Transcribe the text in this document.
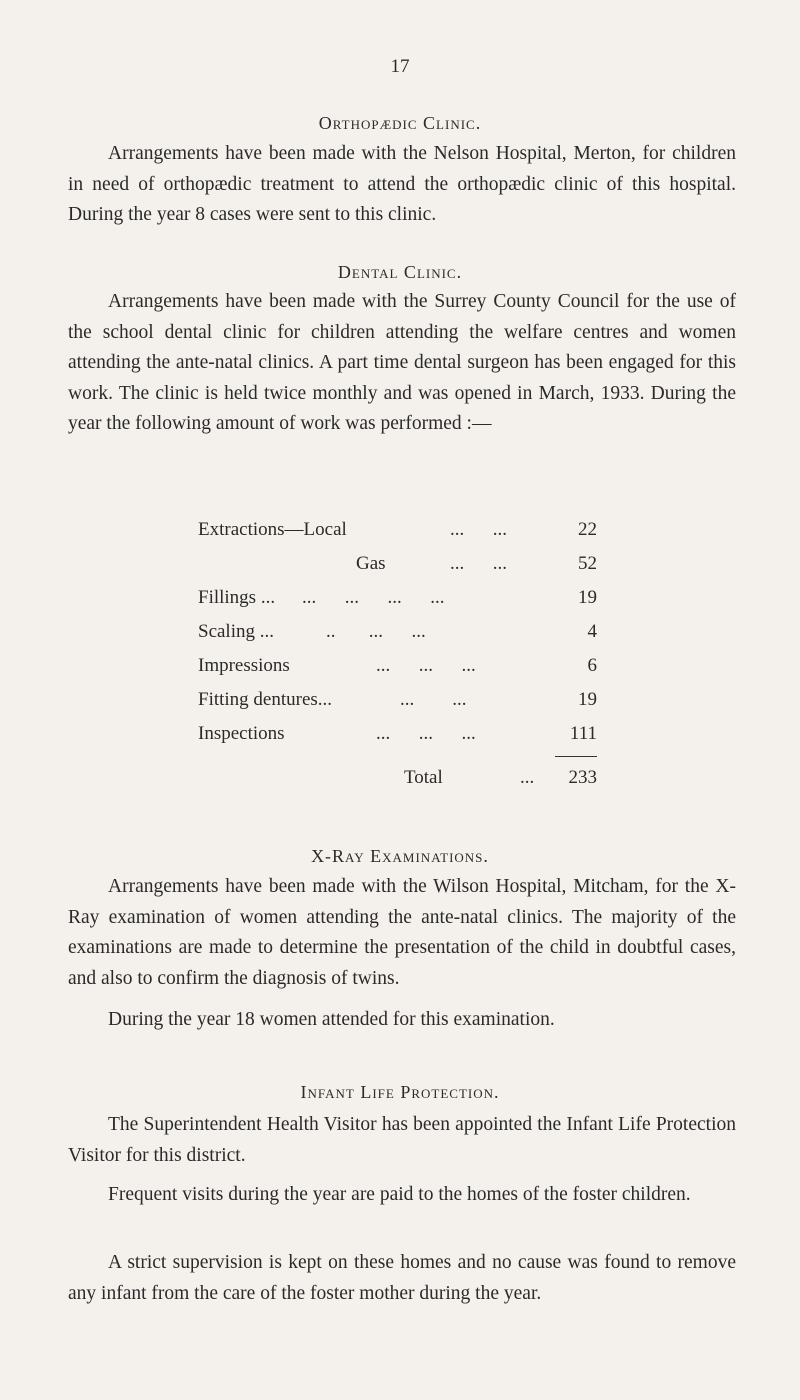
17
Orthopædic Clinic.

Arrangements have been made with the Nelson Hospital, Merton, for children in need of orthopædic treatment to attend the orthopædic clinic of this hospital. During the year 8 cases were sent to this clinic.

Dental Clinic.

Arrangements have been made with the Surrey County Council for the use of the school dental clinic for children attending the welfare centres and women attending the ante-natal clinics. A part time dental surgeon has been engaged for this work. The clinic is held twice monthly and was opened in March, 1933. During the year the following amount of work was performed :—

Extractions—Local	...      ...	22
Gas	...      ...	52
Fillings ... ...      ...      ...      ...	19
Scaling ...	..       ...      ...	4
Impressions	...      ...      ...	6
Fitting dentures...	...        ...	19
Inspections	...      ...      ...	111
Total	... 233
X-Ray Examinations.

Arrangements have been made with the Wilson Hospital, Mitcham, for the X-Ray examination of women attending the ante-natal clinics. The majority of the examinations are made to determine the presentation of the child in doubtful cases, and also to confirm the diagnosis of twins.

During the year 18 women attended for this examination.

Infant Life Protection.

The Superintendent Health Visitor has been appointed the Infant Life Protection Visitor for this district.

Frequent visits during the year are paid to the homes of the foster children.

A strict supervision is kept on these homes and no cause was found to remove any infant from the care of the foster mother during the year.
